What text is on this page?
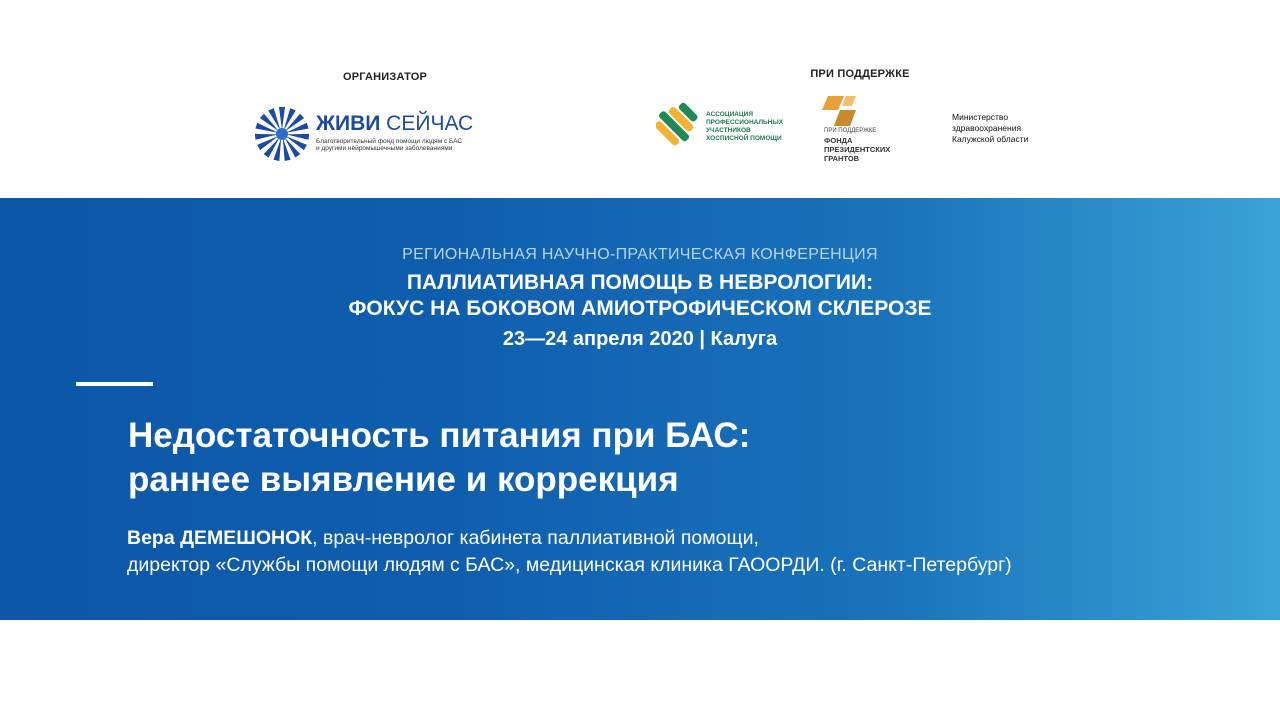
ОРГАНИЗАТОР	ПРИ ПОДДЕРЖКЕ
ЖИВИ СЕЙЧАС
Благотворительный фонд помощи людям с БАС
и другими нейромышечными заболеваниями
АССОЦИАЦИЯ
ПРОФЕССИОНАЛЬНЫХ
УЧАСТНИКОВ
ХОСПИСНОЙ ПОМОЩИ
ПРИ ПОДДЕРЖКЕ
ФОНДА
ПРЕЗИДЕНТСКИХ
ГРАНТОВ
Министерство
здравоохранения
Калужской области
РЕГИОНАЛЬНАЯ НАУЧНО-ПРАКТИЧЕСКАЯ КОНФЕРЕНЦИЯ
ПАЛЛИАТИВНАЯ ПОМОЩЬ В НЕВРОЛОГИИ:
ФОКУС НА БОКОВОМ АМИОТРОФИЧЕСКОМ СКЛЕРОЗЕ
23—24 апреля 2020 | Калуга
Недостаточность питания при БАС:
раннее выявление и коррекция
Вера ДЕМЕШОНОК, врач-невролог кабинета паллиативной помощи,
директор «Службы помощи людям с БАС», медицинская клиника ГАООРДИ. (г. Санкт-Петербург)
